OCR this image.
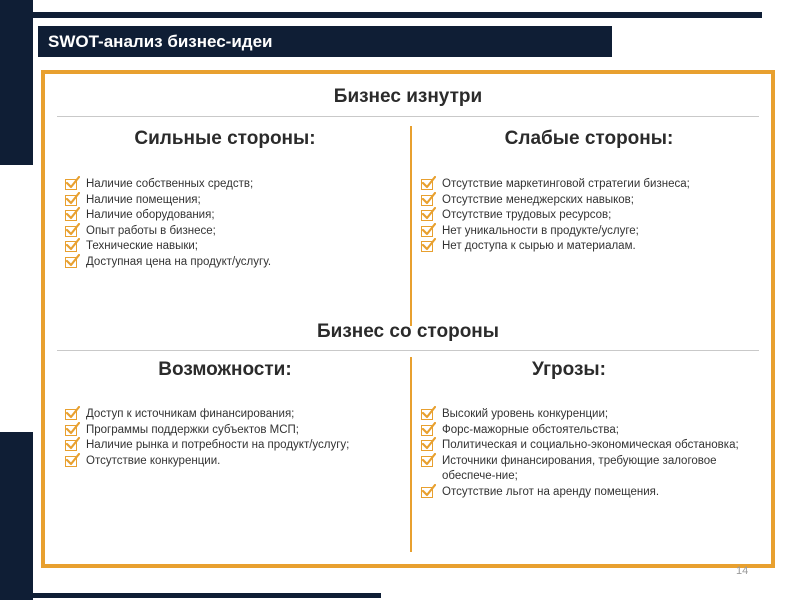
SWOT-анализ бизнес-идеи
Бизнес изнутри
Сильные стороны:
Наличие собственных средств;
Наличие помещения;
Наличие оборудования;
Опыт работы в бизнесе;
Технические навыки;
Доступная цена на продукт/услугу.
Слабые стороны:
Отсутствие маркетинговой стратегии бизнеса;
Отсутствие менеджерских навыков;
Отсутствие трудовых ресурсов;
Нет уникальности в продукте/услуге;
Нет доступа к сырью и материалам.
Бизнес со стороны
Возможности:
Доступ к источникам финансирования;
Программы поддержки субъектов МСП;
Наличие рынка и потребности на продукт/услугу;
Отсутствие конкуренции.
Угрозы:
Высокий уровень конкуренции;
Форс-мажорные обстоятельства;
Политическая и социально-экономическая обстановка;
Источники финансирования, требующие залоговое обеспече-ние;
Отсутствие льгот на аренду помещения.
14
